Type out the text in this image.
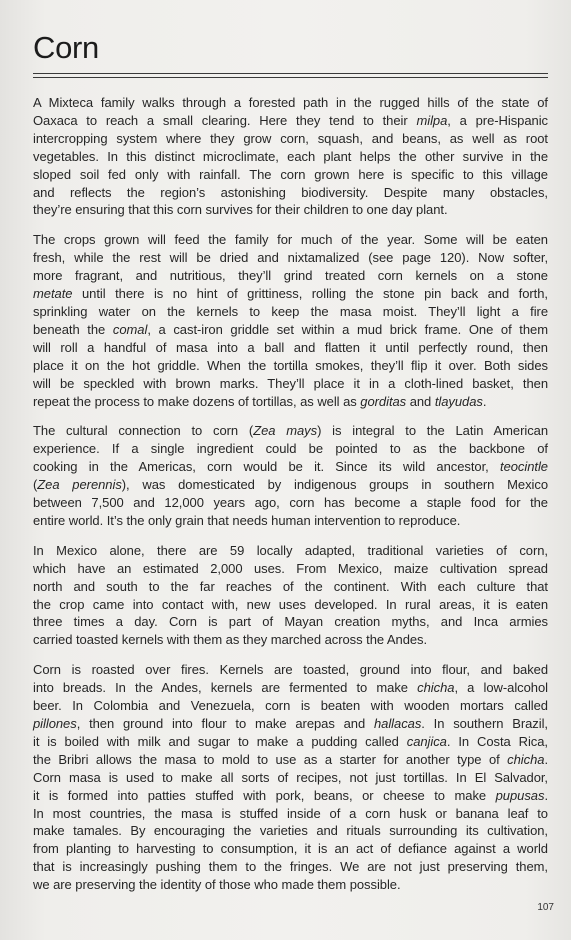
Corn

A Mixteca family walks through a forested path in the rugged hills of the state of
Oaxaca to reach a small clearing. Here they tend to their milpa, a pre-Hispanic
intercropping system where they grow corn, squash, and beans, as well as root
vegetables. In this distinct microclimate, each plant helps the other survive in the
sloped soil fed only with rainfall. The corn grown here is specific to this village
and reflects the region’s astonishing biodiversity. Despite many obstacles,
they’re ensuring that this corn survives for their children to one day plant.

The crops grown will feed the family for much of the year. Some will be eaten
fresh, while the rest will be dried and nixtamalized (see page 120). Now softer,
more fragrant, and nutritious, they’ll grind treated corn kernels on a stone
metate until there is no hint of grittiness, rolling the stone pin back and forth,
sprinkling water on the kernels to keep the masa moist. They’ll light a fire
beneath the comal, a cast-iron griddle set within a mud brick frame. One of them
will roll a handful of masa into a ball and flatten it until perfectly round, then
place it on the hot griddle. When the tortilla smokes, they’ll flip it over. Both sides
will be speckled with brown marks. They’ll place it in a cloth-lined basket, then
repeat the process to make dozens of tortillas, as well as gorditas and tlayudas.

The cultural connection to corn (Zea mays) is integral to the Latin American
experience. If a single ingredient could be pointed to as the backbone of
cooking in the Americas, corn would be it. Since its wild ancestor, teocintle
(Zea perennis), was domesticated by indigenous groups in southern Mexico
between 7,500 and 12,000 years ago, corn has become a staple food for the
entire world. It’s the only grain that needs human intervention to reproduce.

In Mexico alone, there are 59 locally adapted, traditional varieties of corn,
which have an estimated 2,000 uses. From Mexico, maize cultivation spread
north and south to the far reaches of the continent. With each culture that
the crop came into contact with, new uses developed. In rural areas, it is eaten
three times a day. Corn is part of Mayan creation myths, and Inca armies
carried toasted kernels with them as they marched across the Andes.

Corn is roasted over fires. Kernels are toasted, ground into flour, and baked
into breads. In the Andes, kernels are fermented to make chicha, a low-alcohol
beer. In Colombia and Venezuela, corn is beaten with wooden mortars called
pillones, then ground into flour to make arepas and hallacas. In southern Brazil,
it is boiled with milk and sugar to make a pudding called canjica. In Costa Rica,
the Bribri allows the masa to mold to use as a starter for another type of chicha.
Corn masa is used to make all sorts of recipes, not just tortillas. In El Salvador,
it is formed into patties stuffed with pork, beans, or cheese to make pupusas.
In most countries, the masa is stuffed inside of a corn husk or banana leaf to
make tamales. By encouraging the varieties and rituals surrounding its cultivation,
from planting to harvesting to consumption, it is an act of defiance against a world
that is increasingly pushing them to the fringes. We are not just preserving them,
we are preserving the identity of those who made them possible.

107
